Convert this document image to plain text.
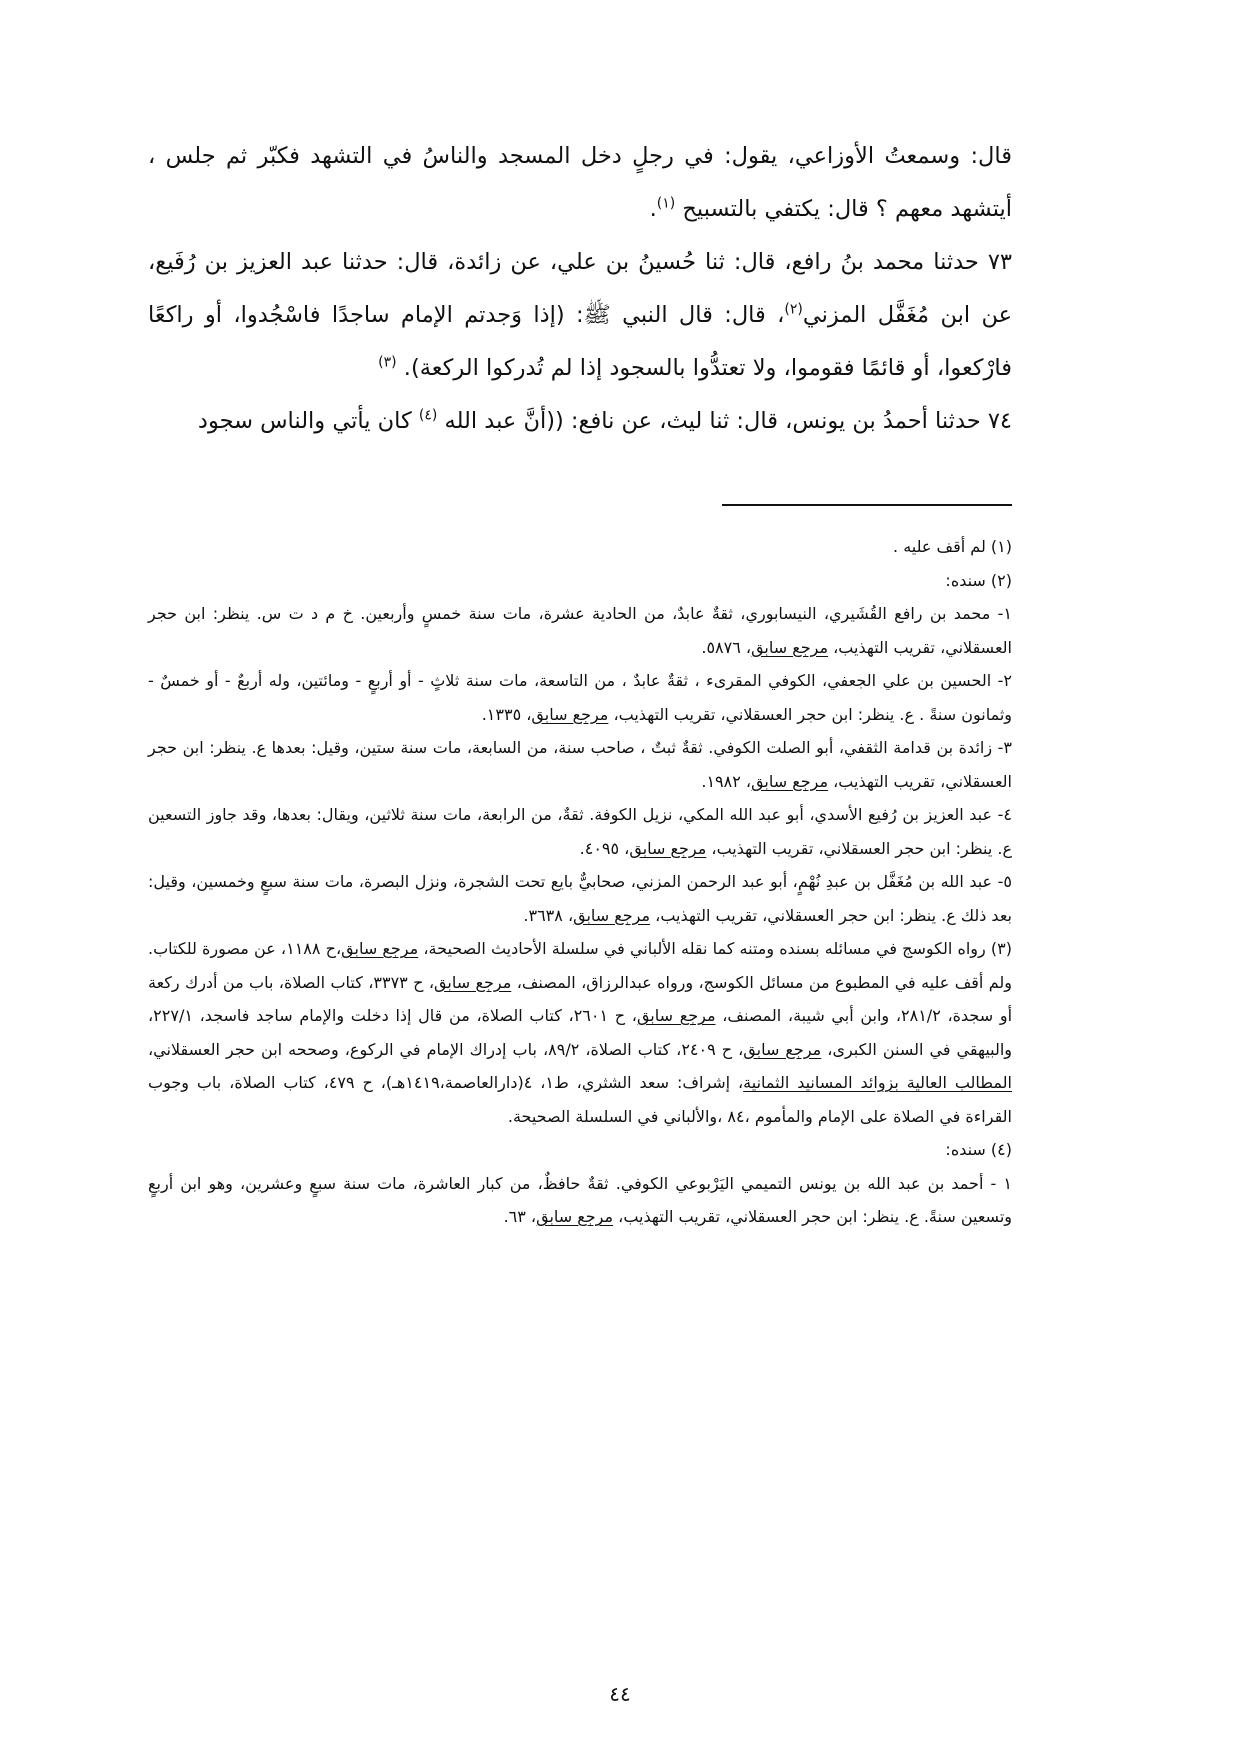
قال: وسمعتُ الأوزاعي، يقول: في رجلٍ دخل المسجد والناسُ في التشهد فكبّر ثم جلس ، أيتشهد معهم ؟ قال: يكتفي بالتسبيح $^{(١)}$.

٧٣ حدثنا محمد بنُ رافع، قال: ثنا حُسينُ بن علي، عن زائدة، قال: حدثنا عبد العزيز بن رُفَيع، عن ابن مُغَفَّل المزني$^{(٢)}$، قال: قال النبي ﷺ: (إذا وَجدتم الإمام ساجدًا فاسْجُدوا، أو راكعًا فارْكعوا، أو قائمًا فقوموا، ولا تعتدُّوا بالسجود إذا لم تُدركوا الركعة). $^{(٣)}$

٧٤ حدثنا أحمدُ بن يونس، قال: ثنا ليث، عن نافع: ((أنَّ عبد الله $^{(٤)}$ كان يأتي والناس سجود

(١) لم أقف عليه .

(٢) سنده:

١- محمد بن رافع القُشَيري، النيسابوري، ثقةٌ عابدٌ، من الحادية عشرة، مات سنة خمسٍ وأربعين. خ م د ت س. ينظر: ابن حجر العسقلاني، تقريب التهذيب، مرجع سابق، ٥٨٧٦.

٢- الحسين بن علي الجعفي، الكوفي المقرىء ، ثقةٌ عابدٌ ، من التاسعة، مات سنة ثلاثٍ - أو أربعٍ - ومائتين، وله أربعٌ - أو خمسٌ - وثمانون سنةً . ع. ينظر: ابن حجر العسقلاني، تقريب التهذيب، مرجع سابق، ١٣٣٥.

٣- زائدة بن قدامة الثقفي، أبو الصلت الكوفي. ثقةٌ ثبتٌ ، صاحب سنة، من السابعة، مات سنة ستين، وقيل: بعدها ع. ينظر: ابن حجر العسقلاني، تقريب التهذيب، مرجع سابق، ١٩٨٢.

٤- عبد العزيز بن رُفيع الأسدي، أبو عبد الله المكي، نزيل الكوفة. ثقةٌ، من الرابعة، مات سنة ثلاثين، ويقال: بعدها، وقد جاوز التسعين ع. ينظر: ابن حجر العسقلاني، تقريب التهذيب، مرجع سابق، ٤٠٩٥.

٥- عبد الله بن مُغَفَّل بن عبدِ نُهْمٍ، أبو عبد الرحمن المزني، صحابيٌّ بايع تحت الشجرة، ونزل البصرة، مات سنة سبعٍ وخمسين، وقيل: بعد ذلك ع. ينظر: ابن حجر العسقلاني، تقريب التهذيب، مرجع سابق، ٣٦٣٨.

(٣) رواه الكوسج في مسائله بسنده ومتنه كما نقله الألباني في سلسلة الأحاديث الصحيحة، مرجع سابق،ح ١١٨٨، عن مصورة للكتاب. ولم أقف عليه في المطبوع من مسائل الكوسج، ورواه عبدالرزاق، المصنف، مرجع سابق، ح ٣٣٧٣، كتاب الصلاة، باب من أدرك ركعة أو سجدة، ٢٨١/٢، وابن أبي شيبة، المصنف، مرجع سابق، ح ٢٦٠١، كتاب الصلاة، من قال إذا دخلت والإمام ساجد فاسجد، ٢٢٧/١، والبيهقي في السنن الكبرى، مرجع سابق، ح ٢٤٠٩، كتاب الصلاة، ٨٩/٢، باب إدراك الإمام في الركوع، وصححه ابن حجر العسقلاني، المطالب العالية بزوائد المسانيد الثمانية، إشراف: سعد الشثري، ط١، ٤(دارالعاصمة،١٤١٩هـ)، ح ٤٧٩، كتاب الصلاة، باب وجوب القراءة في الصلاة على الإمام والمأموم ،٨٤ ،والألباني في السلسلة الصحيحة.

(٤) سنده:

١ - أحمد بن عبد الله بن يونس التميمي اليَرْبوعي الكوفي. ثقةٌ حافظٌ، من كبار العاشرة، مات سنة سبعٍ وعشرين، وهو ابن أربعٍ وتسعين سنةً. ع. ينظر: ابن حجر العسقلاني، تقريب التهذيب، مرجع سابق، ٦٣.

٤٤
